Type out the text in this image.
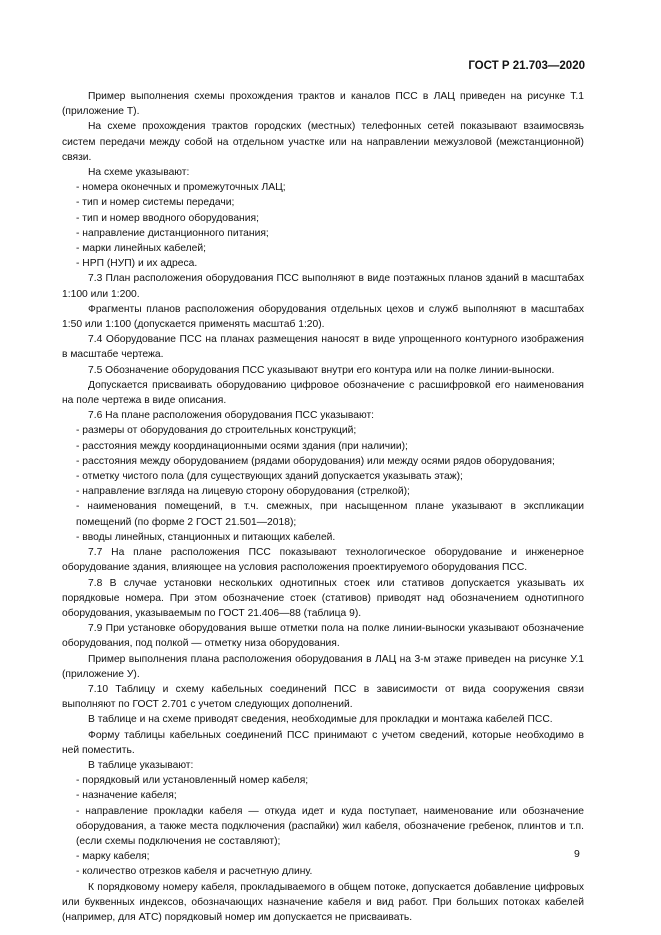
ГОСТ Р 21.703—2020

Пример выполнения схемы прохождения трактов и каналов ПСС в ЛАЦ приведен на рисунке Т.1 (приложение Т).

На схеме прохождения трактов городских (местных) телефонных сетей показывают взаимосвязь систем передачи между собой на отдельном участке или на направлении межузловой (межстанционной) связи.

На схеме указывают:

- номера оконечных и промежуточных ЛАЦ;

- тип и номер системы передачи;

- тип и номер вводного оборудования;

- направление дистанционного питания;

- марки линейных кабелей;

- НРП (НУП) и их адреса.

7.3 План расположения оборудования ПСС выполняют в виде поэтажных планов зданий в масштабах 1:100 или 1:200.

Фрагменты планов расположения оборудования отдельных цехов и служб выполняют в масштабах 1:50 или 1:100 (допускается применять масштаб 1:20).

7.4 Оборудование ПСС на планах размещения наносят в виде упрощенного контурного изображения в масштабе чертежа.

7.5 Обозначение оборудования ПСС указывают внутри его контура или на полке линии-выноски.

Допускается присваивать оборудованию цифровое обозначение с расшифровкой его наименования на поле чертежа в виде описания.

7.6 На плане расположения оборудования ПСС указывают:

- размеры от оборудования до строительных конструкций;

- расстояния между координационными осями здания (при наличии);

- расстояния между оборудованием (рядами оборудования) или между осями рядов оборудования;

- отметку чистого пола (для существующих зданий допускается указывать этаж);

- направление взгляда на лицевую сторону оборудования (стрелкой);

- наименования помещений, в т.ч. смежных, при насыщенном плане указывают в экспликации помещений (по форме 2 ГОСТ 21.501—2018);

- вводы линейных, станционных и питающих кабелей.

7.7 На плане расположения ПСС показывают технологическое оборудование и инженерное оборудование здания, влияющее на условия расположения проектируемого оборудования ПСС.

7.8 В случае установки нескольких однотипных стоек или стативов допускается указывать их порядковые номера. При этом обозначение стоек (стативов) приводят над обозначением однотипного оборудования, указываемым по ГОСТ 21.406—88 (таблица 9).

7.9 При установке оборудования выше отметки пола на полке линии-выноски указывают обозначение оборудования, под полкой — отметку низа оборудования.

Пример выполнения плана расположения оборудования в ЛАЦ на 3-м этаже приведен на рисунке У.1 (приложение У).

7.10 Таблицу и схему кабельных соединений ПСС в зависимости от вида сооружения связи выполняют по ГОСТ 2.701 с учетом следующих дополнений.

В таблице и на схеме приводят сведения, необходимые для прокладки и монтажа кабелей ПСС.

Форму таблицы кабельных соединений ПСС принимают с учетом сведений, которые необходимо в ней поместить.

В таблице указывают:

- порядковый или установленный номер кабеля;

- назначение кабеля;

- направление прокладки кабеля — откуда идет и куда поступает, наименование или обозначение оборудования, а также места подключения (распайки) жил кабеля, обозначение гребенок, плинтов и т.п. (если схемы подключения не составляют);

- марку кабеля;

- количество отрезков кабеля и расчетную длину.

К порядковому номеру кабеля, прокладываемого в общем потоке, допускается добавление цифровых или буквенных индексов, обозначающих назначение кабеля и вид работ. При больших потоках кабелей (например, для АТС) порядковый номер им допускается не присваивать.

9
